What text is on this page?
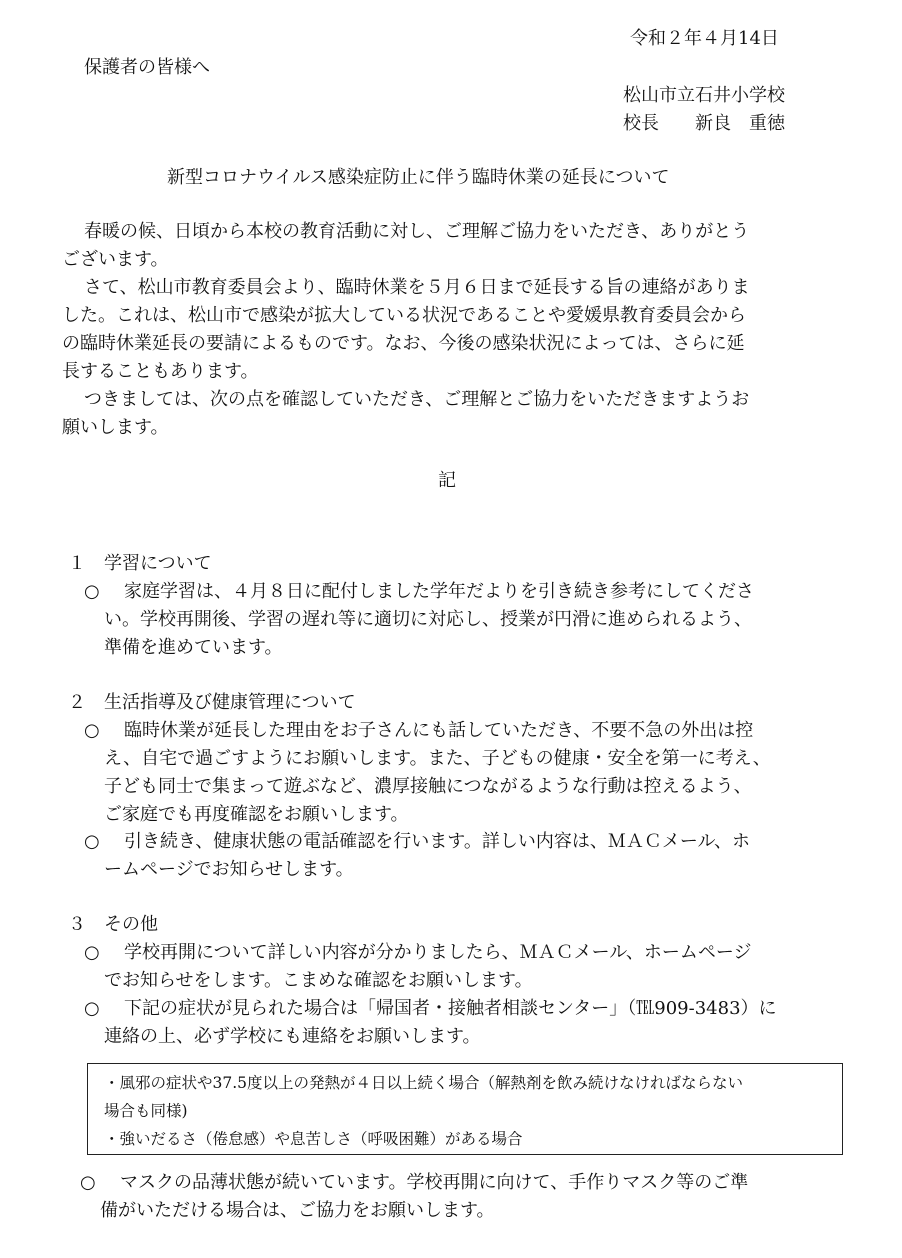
令和２年４月14日
保護者の皆様へ
松山市立石井小学校
校長　　新良　重徳
新型コロナウイルス感染症防止に伴う臨時休業の延長について
春暖の候、日頃から本校の教育活動に対し、ご理解ご協力をいただき、ありがとう
ございます。
さて、松山市教育委員会より、臨時休業を５月６日まで延長する旨の連絡がありま
した。これは、松山市で感染が拡大している状況であることや愛媛県教育委員会から
の臨時休業延長の要請によるものです。なお、今後の感染状況によっては、さらに延
長することもあります。
つきましては、次の点を確認していただき、ご理解とご協力をいただきますようお
願いします。
記
１ 学習について
○ 家庭学習は、４月８日に配付しました学年だよりを引き続き参考にしてくださ
い。学校再開後、学習の遅れ等に適切に対応し、授業が円滑に進められるよう、
準備を進めています。
２ 生活指導及び健康管理について
○ 臨時休業が延長した理由をお子さんにも話していただき、不要不急の外出は控
え、自宅で過ごすようにお願いします。また、子どもの健康・安全を第一に考え、
子ども同士で集まって遊ぶなど、濃厚接触につながるような行動は控えるよう、
ご家庭でも再度確認をお願いします。
○ 引き続き、健康状態の電話確認を行います。詳しい内容は、ＭＡＣメール、ホ
ームページでお知らせします。
３ その他
○ 学校再開について詳しい内容が分かりましたら、ＭＡＣメール、ホームページ
でお知らせをします。こまめな確認をお願いします。
○ 下記の症状が見られた場合は「帰国者・接触者相談センター」（℡909-3483）に
連絡の上、必ず学校にも連絡をお願いします。
・風邪の症状や37.5度以上の発熱が４日以上続く場合（解熱剤を飲み続けなければならない
場合も同様)
・強いだるさ（倦怠感）や息苦しさ（呼吸困難）がある場合
○ マスクの品薄状態が続いています。学校再開に向けて、手作りマスク等のご準
備がいただける場合は、ご協力をお願いします。
